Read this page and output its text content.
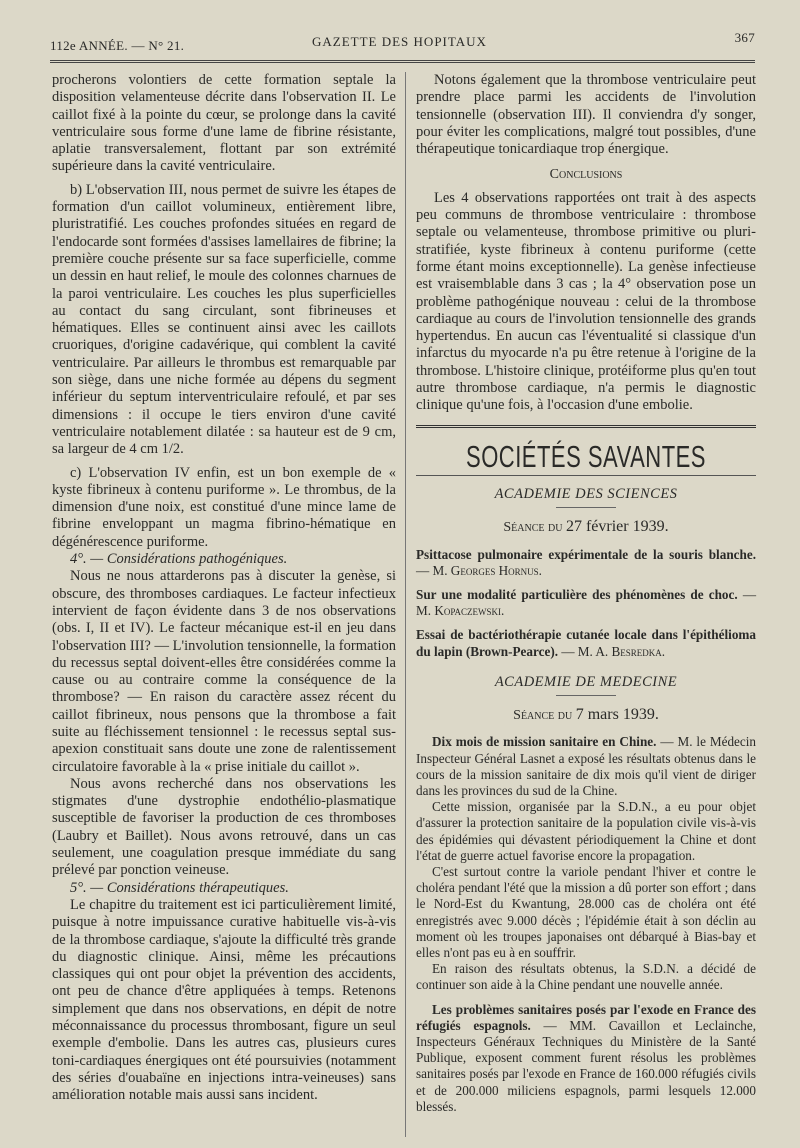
112e ANNÉE. — N° 21.	GAZETTE DES HOPITAUX	367

procherons volontiers de cette formation septale la disposition velamenteuse décrite dans l'observation II. Le caillot fixé à la pointe du cœur, se prolonge dans la cavité ventriculaire sous forme d'une lame de fibrine résistante, aplatie transversalement, flottant par son extrémité supérieure dans la cavité ventriculaire.

b) L'observation III, nous permet de suivre les étapes de formation d'un caillot volumineux, entièrement libre, pluristratifié. Les couches profondes situées en regard de l'endocarde sont formées d'assises lamellaires de fibrine; la première couche présente sur sa face superficielle, comme un dessin en haut relief, le moule des colonnes charnues de la paroi ventriculaire. Les couches les plus superficielles au contact du sang circulant, sont fibrineuses et hématiques. Elles se continuent ainsi avec les caillots cruoriques, d'origine cadavérique, qui comblent la cavité ventriculaire. Par ailleurs le thrombus est remarquable par son siège, dans une niche formée au dépens du segment inférieur du septum interventriculaire refoulé, et par ses dimensions : il occupe le tiers environ d'une cavité ventriculaire notablement dilatée : sa hauteur est de 9 cm, sa largeur de 4 cm 1/2.

c) L'observation IV enfin, est un bon exemple de « kyste fibrineux à contenu puriforme ». Le thrombus, de la dimension d'une noix, est constitué d'une mince lame de fibrine enveloppant un magma fibrino-hématique en dégénérescence puriforme.

4°. — Considérations pathogéniques.

Nous ne nous attarderons pas à discuter la genèse, si obscure, des thromboses cardiaques. Le facteur infectieux intervient de façon évidente dans 3 de nos observations (obs. I, II et IV). Le facteur mécanique est-il en jeu dans l'observation III? — L'involution tensionnelle, la formation du recessus septal doivent-elles être considérées comme la cause ou au contraire comme la conséquence de la thrombose? — En raison du caractère assez récent du caillot fibrineux, nous pensons que la thrombose a fait suite au fléchissement tensionnel : le recessus septal sus-apexion constituait sans doute une zone de ralentissement circulatoire favorable à la « prise initiale du caillot ».

Nous avons recherché dans nos observations les stigmates d'une dystrophie endothélio-plasmatique susceptible de favoriser la production de ces thromboses (Laubry et Baillet). Nous avons retrouvé, dans un cas seulement, une coagulation presque immédiate du sang prélevé par ponction veineuse.

5°. — Considérations thérapeutiques.

Le chapitre du traitement est ici particulièrement limité, puisque à notre impuissance curative habituelle vis-à-vis de la thrombose cardiaque, s'ajoute la difficulté très grande du diagnostic clinique. Ainsi, même les précautions classiques qui ont pour objet la prévention des accidents, ont peu de chance d'être appliquées à temps. Retenons simplement que dans nos observations, en dépit de notre méconnaissance du processus thrombosant, figure un seul exemple d'embolie. Dans les autres cas, plusieurs cures toni-cardiaques énergiques ont été poursuivies (notamment des séries d'ouabaïne en injections intra-veineuses) sans amélioration notable mais aussi sans incident.

Notons également que la thrombose ventriculaire peut prendre place parmi les accidents de l'involution tensionnelle (observation III). Il conviendra d'y songer, pour éviter les complications, malgré tout possibles, d'une thérapeutique tonicardiaque trop énergique.

Conclusions

Les 4 observations rapportées ont trait à des aspects peu communs de thrombose ventriculaire : thrombose septale ou velamenteuse, thrombose primitive ou pluri-stratifiée, kyste fibrineux à contenu puriforme (cette forme étant moins exceptionnelle). La genèse infectieuse est vraisemblable dans 3 cas ; la 4° observation pose un problème pathogénique nouveau : celui de la thrombose cardiaque au cours de l'involution tensionnelle des grands hypertendus. En aucun cas l'éventualité si classique d'un infarctus du myocarde n'a pu être retenue à l'origine de la thrombose. L'histoire clinique, protéiforme plus qu'en tout autre thrombose cardiaque, n'a permis le diagnostic clinique qu'une fois, à l'occasion d'une embolie.

SOCIÉTÉS SAVANTES
ACADEMIE DES SCIENCES
Séance du 27 février 1939.

Psittacose pulmonaire expérimentale de la souris blanche. — M. Georges Hornus.

Sur une modalité particulière des phénomènes de choc. — M. Kopaczewski.

Essai de bactériothérapie cutanée locale dans l'épithélioma du lapin (Brown-Pearce). — M. A. Besredka.

ACADEMIE DE MEDECINE
Séance du 7 mars 1939.

Dix mois de mission sanitaire en Chine. — M. le Médecin Inspecteur Général Lasnet a exposé les résultats obtenus dans le cours de la mission sanitaire de dix mois qu'il vient de diriger dans les provinces du sud de la Chine.

Cette mission, organisée par la S.D.N., a eu pour objet d'assurer la protection sanitaire de la population civile vis-à-vis des épidémies qui dévastent périodiquement la Chine et dont l'état de guerre actuel favorise encore la propagation.

C'est surtout contre la variole pendant l'hiver et contre le choléra pendant l'été que la mission a dû porter son effort ; dans le Nord-Est du Kwantung, 28.000 cas de choléra ont été enregistrés avec 9.000 décès ; l'épidémie était à son déclin au moment où les troupes japonaises ont débarqué à Bias-bay et elles n'ont pas eu à en souffrir.

En raison des résultats obtenus, la S.D.N. a décidé de continuer son aide à la Chine pendant une nouvelle année.

Les problèmes sanitaires posés par l'exode en France des réfugiés espagnols. — MM. Cavaillon et Leclainche, Inspecteurs Généraux Techniques du Ministère de la Santé Publique, exposent comment furent résolus les problèmes sanitaires posés par l'exode en France de 160.000 réfugiés civils et de 200.000 miliciens espagnols, parmi lesquels 12.000 blessés.
